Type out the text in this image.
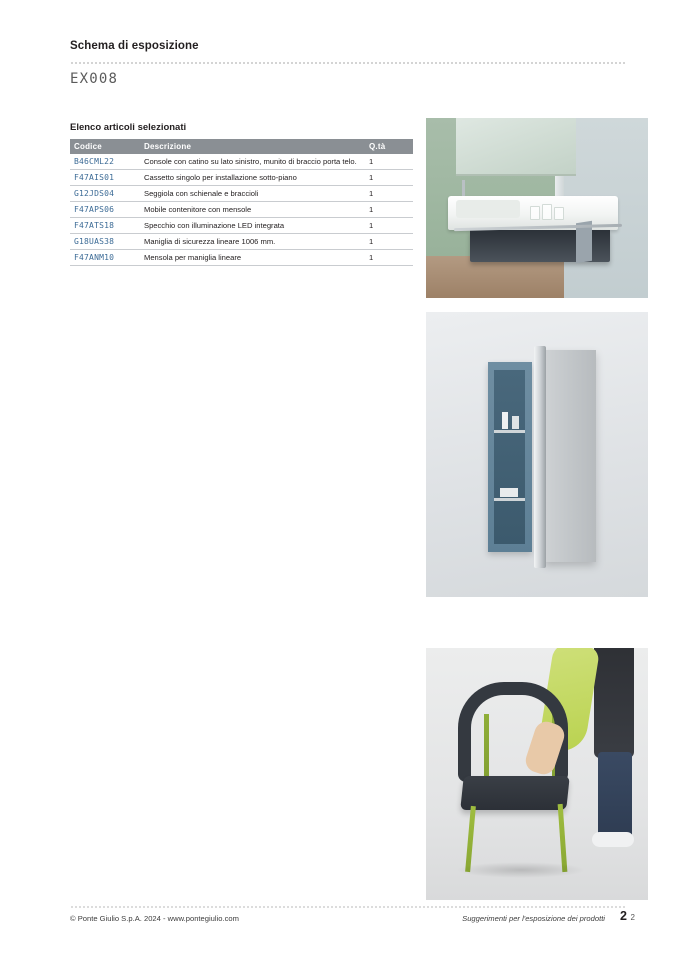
Schema di esposizione
EX008
Elenco articoli selezionati
Codice	Descrizione	Q.tà
B46CML22	Console con catino su lato sinistro, munito di braccio porta telo.	1
F47AIS01	Cassetto singolo per installazione sotto-piano	1
G12JDS04	Seggiola con schienale e braccioli	1
F47APS06	Mobile contenitore con mensole	1
F47ATS18	Specchio con illuminazione LED integrata	1
G18UAS38	Maniglia di sicurezza lineare 1006 mm.	1
F47ANM10	Mensola per maniglia lineare	1
© Ponte Giulio S.p.A. 2024 - www.pontegiulio.com	Suggerimenti per l'esposizione dei prodotti	2
2
